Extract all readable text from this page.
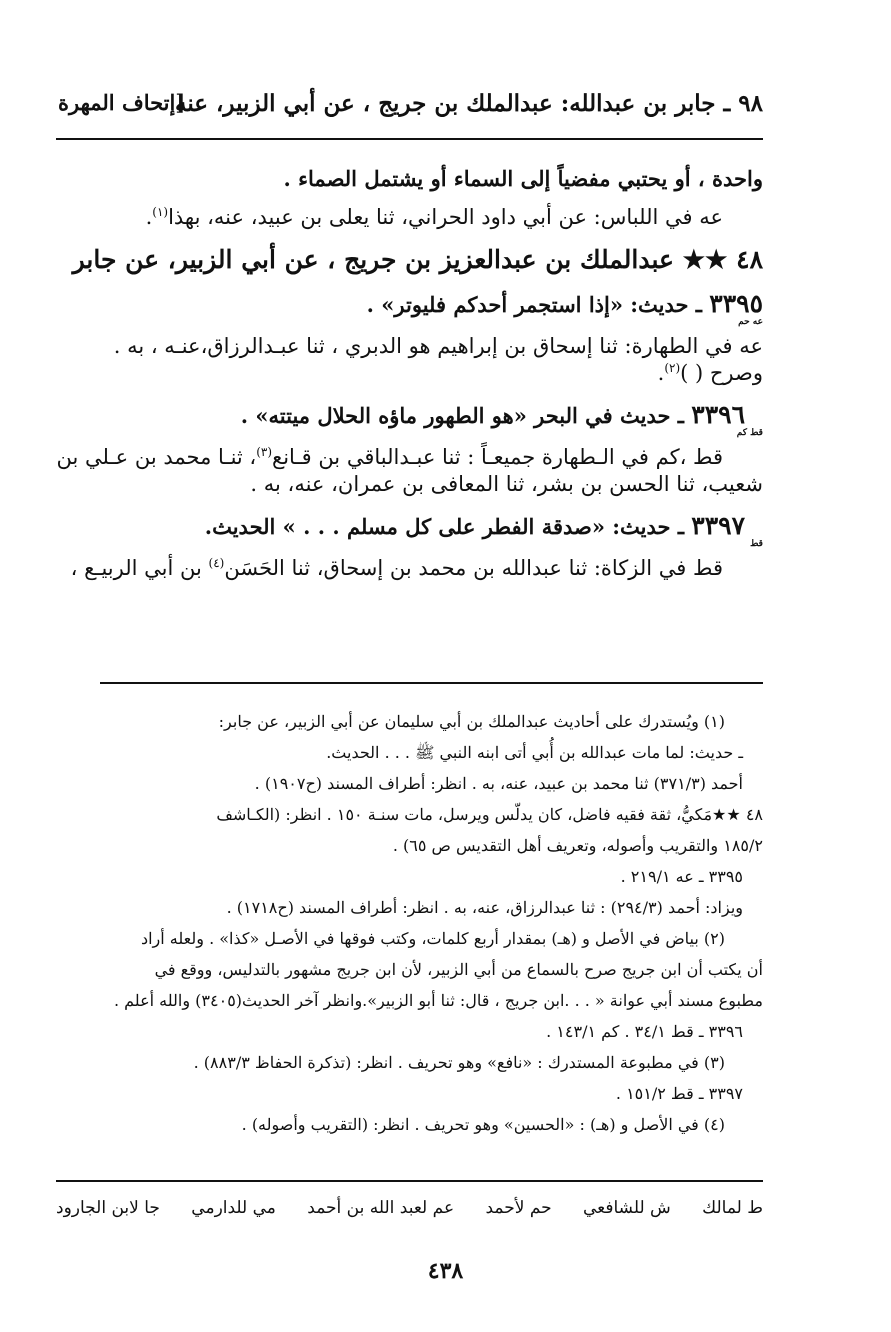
٩٨ ـ جابر بن عبدالله: عبدالملك بن جريج ، عن أبي الزبير، عنه
[إتحاف المهرة
واحدة ، أو يحتبي مفضياً إلى السماء أو يشتمل الصماء .
عه في اللباس: عن أبي داود الحراني، ثنا يعلى بن عبيد، عنه، بهذا$^{(١)}$.
٤٨ ★★ عبدالملك بن عبدالعزيز بن جريج ، عن أبي الزبير، عن جابر
٣٣٩٥ ـ حديث: «إذا استجمر أحدكم فليوتر» .
عه حم
عه في الطهارة: ثنا إسحاق بن إبراهيم هو الدبري ، ثنا عبـدالرزاق،عنـه ، به .
وصرح ( )$^{(٢)}$.
٣٣٩٦ ـ حديث في البحر «هو الطهور ماؤه الحلال ميتته» .
قط كم
قط ،كم في الـطهارة جميعـاً : ثنا عبـدالباقي بن قـانع$^{(٣)}$، ثنـا محمد بن عـلي بن
شعيب، ثنا الحسن بن بشر، ثنا المعافى بن عمران، عنه، به .
٣٣٩٧ ـ حديث: «صدقة الفطر على كل مسلم . . . » الحديث.
قط
قط في الزكاة: ثنا عبدالله بن محمد بن إسحاق، ثنا الحَسَن$^{(٤)}$ بن أبي الربيـع ،
(١) ويُستدرك على أحاديث عبدالملك بن أبي سليمان عن أبي الزبير، عن جابر:
ـ حديث: لما مات عبدالله بن أُبي أتى ابنه النبي ﷺ . . . الحديث.
أحمد (٣٧١/٣) ثنا محمد بن عبيد، عنه، به . انظر: أطراف المسند (ح١٩٠٧) .
٤٨ ★★مَكيُّ، ثقة فقيه فاضل، كان يدلّس ويرسل، مات سنـة ١٥٠ . انظر: (الكـاشف
١٨٥/٢ والتقريب وأصوله، وتعريف أهل التقديس ص ٦٥) .
٣٣٩٥ ـ عه ٢١٩/١ .
ويزاد: أحمد (٢٩٤/٣) : ثنا عبدالرزاق، عنه، به . انظر: أطراف المسند (ح١٧١٨) .
(٢) بياض في الأصل و (هـ) بمقدار أربع كلمات، وكتب فوقها في الأصـل «كذا» . ولعله أراد
أن يكتب أن ابن جريج صرح بالسماع من أبي الزبير، لأن ابن جريج مشهور بالتدليس، ووقع في
مطبوع مسند أبي عوانة « . . .ابن جريج ، قال: ثنا أبو الزبير».وانظر آخر الحديث(٣٤٠٥) والله أعلم .
٣٣٩٦ ـ قط ٣٤/١ . كم ١٤٣/١ .
(٣) في مطبوعة المستدرك : «نافع» وهو تحريف . انظر: (تذكرة الحفاظ ٨٨٣/٣) .
٣٣٩٧ ـ قط ١٥١/٢ .
(٤) في الأصل و (هـ) : «الحسين» وهو تحريف . انظر: (التقريب وأصوله) .
ط لمالك
ش للشافعي
حم لأحمد
عم لعبد الله بن أحمد
مي للدارمي
جا لابن الجارود
٤٣٨
